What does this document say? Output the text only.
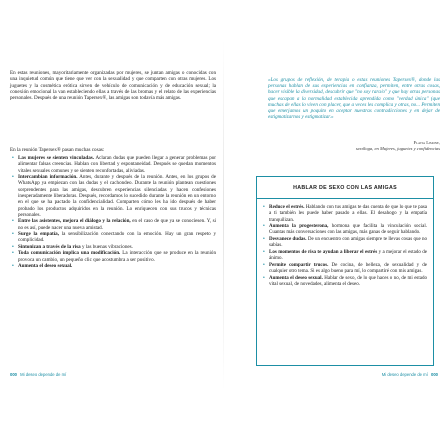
En estas reuniones, mayoritariamente organizadas por mujeres, se juntan amigas o conocidas con una inquietud común que tiene que ver con la sexualidad y que comparten con otras mujeres. Los juguetes y la cosmética erótica sirven de vehículo de comunicación y de educación sexual; la conexión emocional la van estableciendo ellas a través de las bromas y el relato de las experiencias personales. Después de una reunión Tapersex®, las amigas son todavía más amigas.

En la reunión Tapersex® pasan muchas cosas:

• Las mujeres se sienten vinculadas. Aclaran dudas que pueden llegar a generar problemas por alimentar falsas creencias. Hablan con libertad y espontaneidad. Después se quedan momentos vitales sexuales comunes y se sienten reconfortadas, aliviadas.
• Intercambian información. Antes, durante y después de la reunión. Antes, en los grupos de WhatsApp ya empiezan con las dudas y el cachondeo. Durante la reunión plantean cuestiones sorprendentes para las amigas, descubren experiencias silenciadas y hacen confesiones inesperadamente liberadoras. Después, recordamos lo sucedido durante la reunión en un entorno en el que se ha pactado la confidencialidad. Comparten cómo les ha ido después de haber probado los productos adquiridos en la reunión. Lo enriquecen con sus trucos y técnicas personales.
• Entre las asistentes, mejora el diálogo y la relación, en el caso de que ya se conociesen. Y, si no es así, puede nacer una nueva amistad.
• Surge la empatía, la sensibilización conectando con la emoción. Hay un gran respeto y complicidad.
• Sintonizan a través de la risa y las buenas vibraciones.
• Toda comunicación implica una modificación. La interacción que se produce en la reunión provoca un cambio, un pequeño clic que acostumbra a ser positivo.
• Aumenta el deseo sexual.
000 Mi deseo depende de mí

«Los grupos de reflexión, de terapia o estas reuniones Tapersex®, donde las personas hablan de sus experiencias en confianza, permiten, entre otras cosas, hacer visible la diversidad, descubrir que "no soy rara/o" y que hay otras personas que escapan a la normalidad establecida aprendida como "verdad única" (que muchas de ellas lo viven con placer, que a veces les complica y otras, no... Permiten que emerjamos un poquito en aceptar nuestras contradicciones y en dejar de estigmatizarnos y estigmatizar.»

Flavia Limone,
sexóloga, en Mujeres, juguetes y confidencias
HABLAR DE SEXO CON LAS AMIGAS
• Reduce el estrés. Hablando con tus amigas te das cuenta de que lo que te pasa a ti también les puede haber pasado a ellas. El desahogo y la empatía tranquilizan.
• Aumenta la progesterona, hormona que facilita la vinculación social. Cuantas más conversaciones con las amigas, más ganas de seguir hablando.
• Desvanece dudas. De un encuentro con amigas siempre te llevas cosas que no sabías.
• Los momentos de risa te ayudan a liberar el estrés y a mejorar el estado de ánimo.
• Permite compartir trucos. De cocina, de belleza, de sexualidad y de cualquier otro tema. Si es algo bueno para mí, lo compartiré con mis amigas.
• Aumenta el deseo sexual. Hablar de sexo, de lo que haces o no, de mi estado vital sexual, de novedades, alimenta el deseo.
Mi deseo depende de mí 000
